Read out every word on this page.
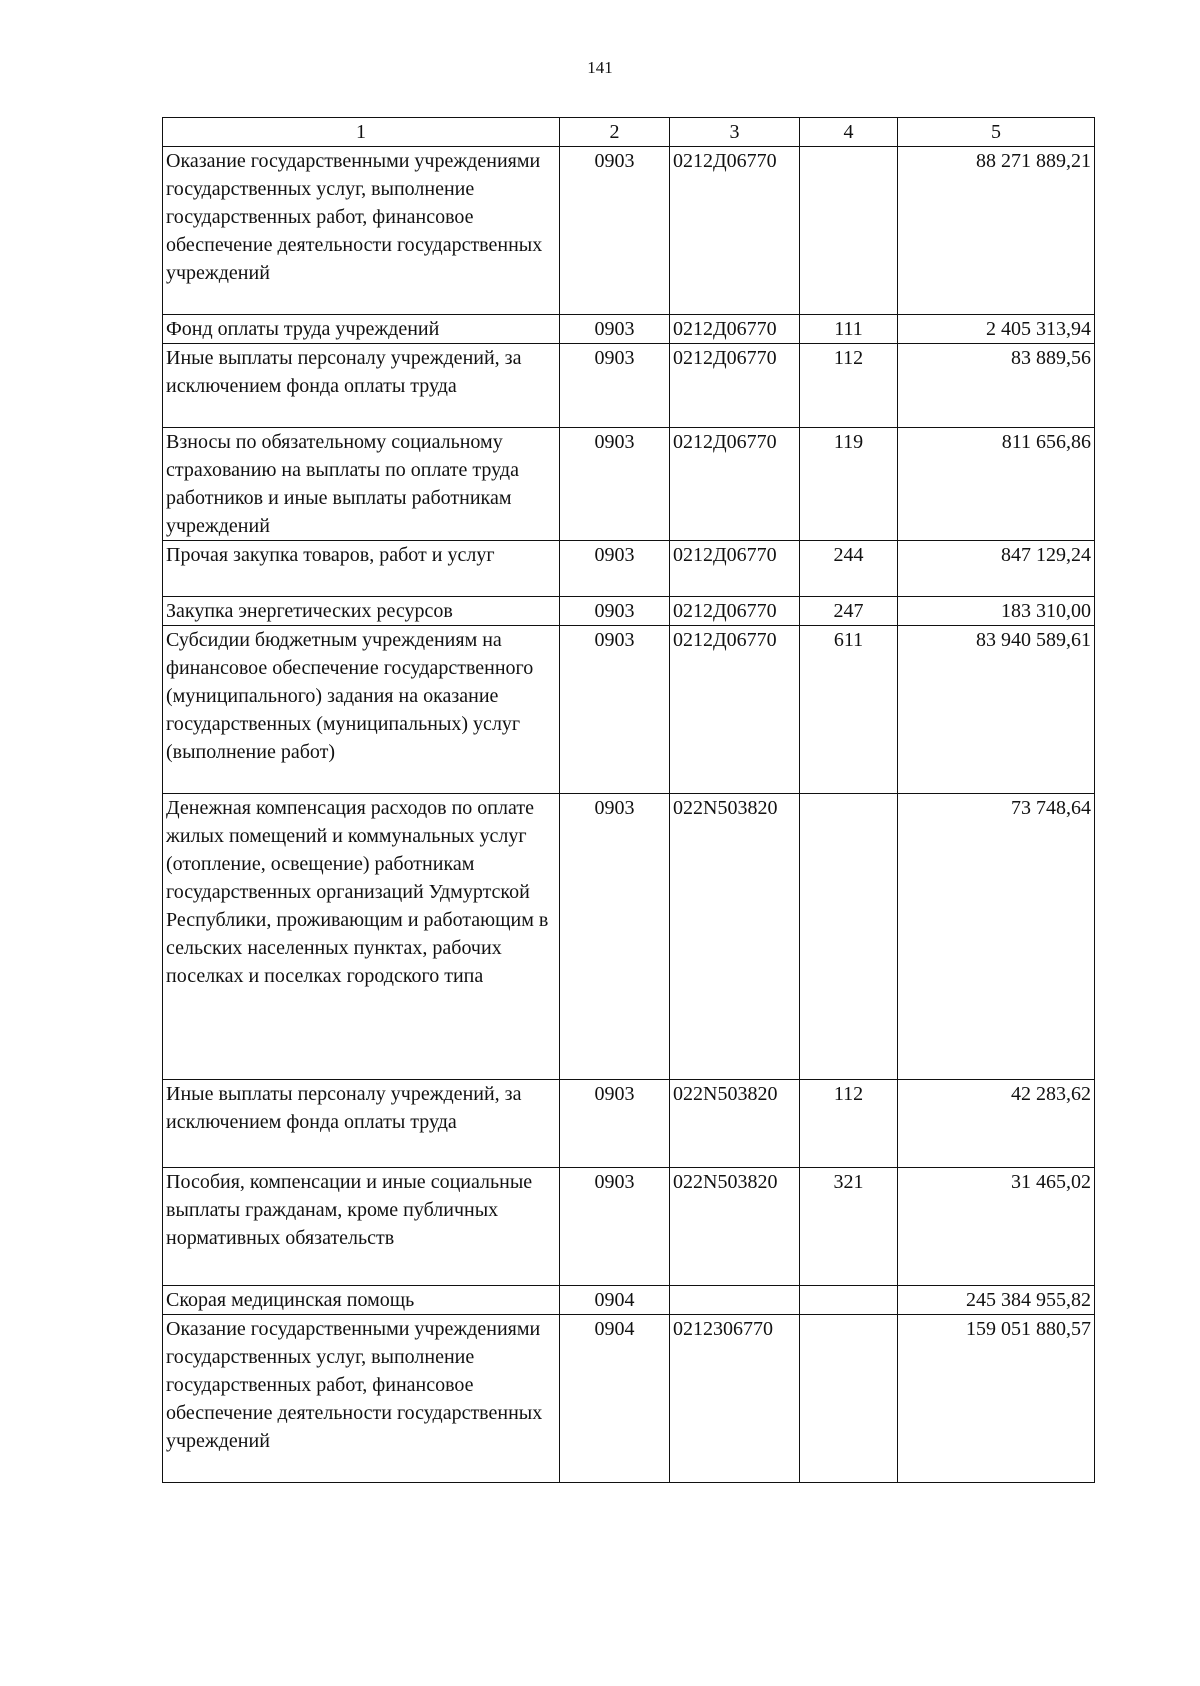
141
1	2	3	4	5
Оказание государственными учреждениями государственных услуг, выполнение государственных работ, финансовое обеспечение деятельности государственных учреждений	0903	0212Д06770		88 271 889,21
Фонд оплаты труда учреждений	0903	0212Д06770	111	2 405 313,94
Иные выплаты персоналу учреждений, за исключением фонда оплаты труда	0903	0212Д06770	112	83 889,56
Взносы по обязательному социальному страхованию на выплаты по оплате труда работников и иные выплаты работникам учреждений	0903	0212Д06770	119	811 656,86
Прочая закупка товаров, работ и услуг	0903	0212Д06770	244	847 129,24
Закупка энергетических ресурсов	0903	0212Д06770	247	183 310,00
Субсидии бюджетным учреждениям на финансовое обеспечение государственного (муниципального) задания на оказание государственных (муниципальных) услуг (выполнение работ)	0903	0212Д06770	611	83 940 589,61
Денежная компенсация расходов по оплате жилых помещений и коммунальных услуг (отопление, освещение) работникам государственных организаций Удмуртской Республики, проживающим и работающим в сельских населенных пунктах, рабочих поселках и поселках городского типа	0903	022N503820		73 748,64
Иные выплаты персоналу учреждений, за исключением фонда оплаты труда	0903	022N503820	112	42 283,62
Пособия, компенсации и иные социальные выплаты гражданам, кроме публичных нормативных обязательств	0903	022N503820	321	31 465,02
Скорая медицинская помощь	0904			245 384 955,82
Оказание государственными учреждениями государственных услуг, выполнение государственных работ, финансовое обеспечение деятельности государственных учреждений	0904	0212306770		159 051 880,57
